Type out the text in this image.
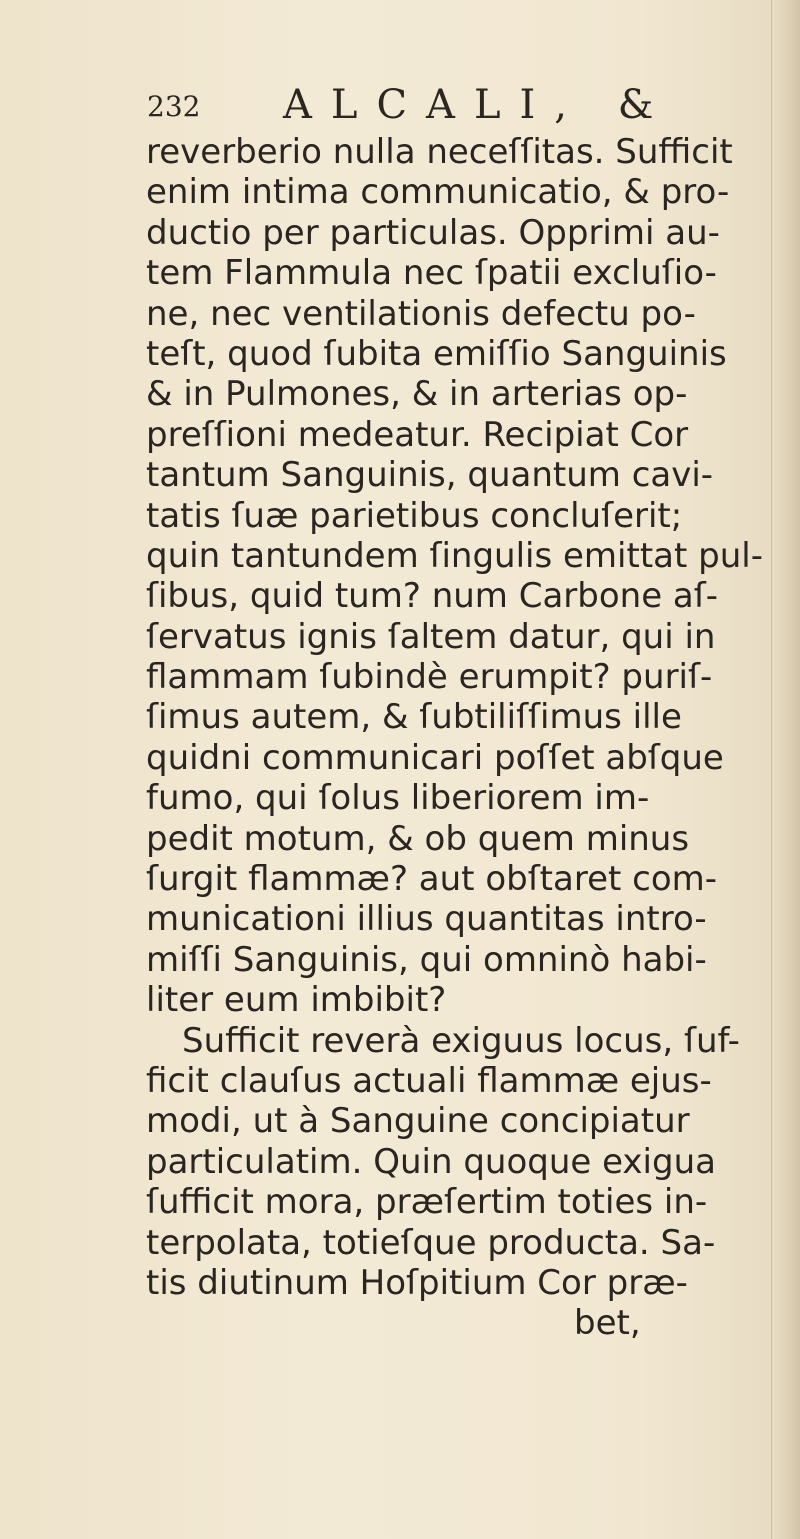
232 ALCALI, &
reverberio nulla neceſſitas. Sufficit
enim intima communicatio, & pro-
ductio per particulas. Opprimi au-
tem Flammula nec ſpatii excluſio-
ne, nec ventilationis defectu po-
teſt, quod ſubita emiſſio Sanguinis
& in Pulmones, & in arterias op-
preſſioni medeatur. Recipiat Cor
tantum Sanguinis, quantum cavi-
tatis ſuæ parietibus concluſerit;
quin tantundem ſingulis emittat pul-
ſibus, quid tum? num Carbone aſ-
ſervatus ignis ſaltem datur, qui in
flammam ſubindè erumpit? puriſ-
ſimus autem, & ſubtiliſſimus ille
quidni communicari poſſet abſque
fumo, qui ſolus liberiorem im-
pedit motum, & ob quem minus
ſurgit flammæ? aut obſtaret com-
municationi illius quantitas intro-
miſſi Sanguinis, qui omninò habi-
liter eum imbibit?
Sufficit reverà exiguus locus, ſuf-
ficit clauſus actuali flammæ ejus-
modi, ut à Sanguine concipiatur
particulatim. Quin quoque exigua
ſufficit mora, præſertim toties in-
terpolata, totieſque producta. Sa-
tis diutinum Hoſpitium Cor præ-
bet,
